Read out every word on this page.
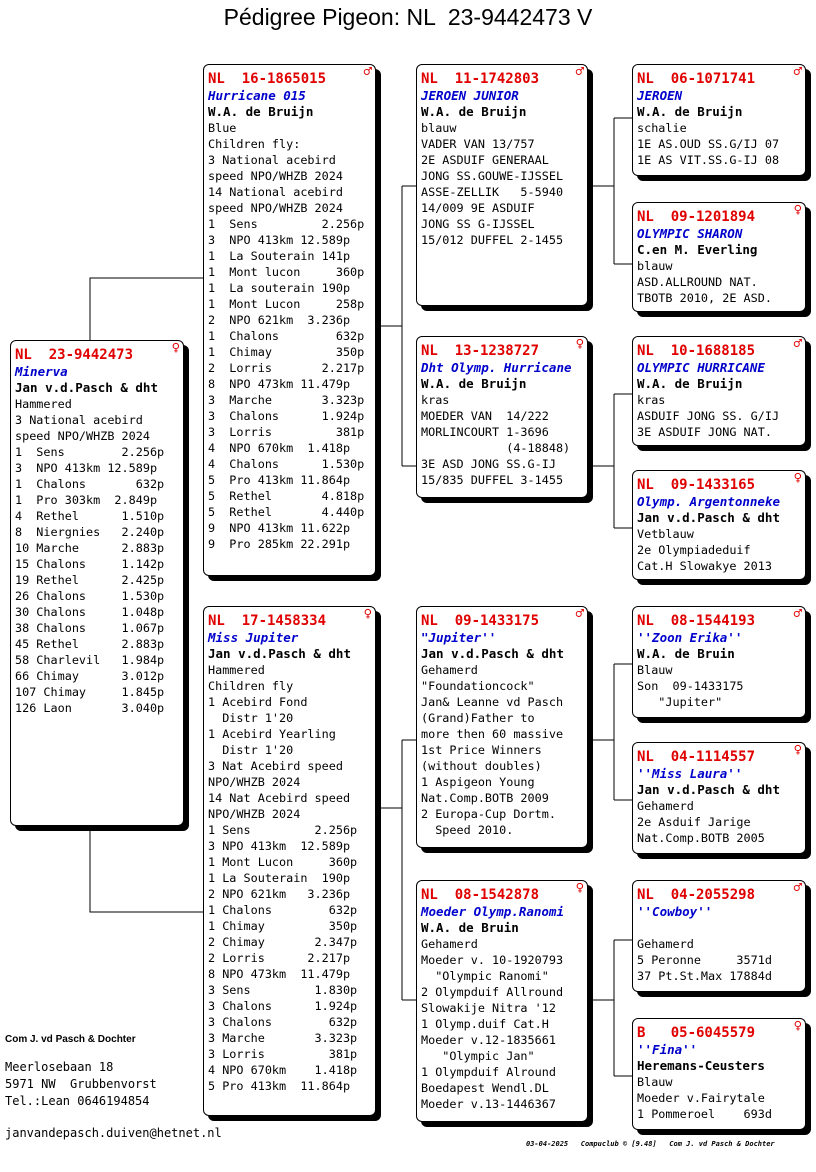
Pédigree Pigeon: NL  23-9442473 V
NL  23-9442473	♀
Minerva
Jan v.d.Pasch & dht
Hammered
3 National acebird
speed NPO/WHZB 2024
1  Sens        2.256p
3  NPO 413km 12.589p
1  Chalons       632p
1  Pro 303km  2.849p
4  Rethel      1.510p
8  Niergnies   2.240p
10 Marche      2.883p
15 Chalons     1.142p
19 Rethel      2.425p
26 Chalons     1.530p
30 Chalons     1.048p
38 Chalons     1.067p
45 Rethel      2.883p
58 Charlevil   1.984p
66 Chimay      3.012p
107 Chimay     1.845p
126 Laon       3.040p
NL  16-1865015	♂
Hurricane 015
W.A. de Bruijn
Blue
Children fly:
3 National acebird
speed NPO/WHZB 2024
14 National acebird
speed NPO/WHZB 2024
1  Sens         2.256p
3  NPO 413km 12.589p
1  La Souterain 141p
1  Mont lucon     360p
1  La souterain 190p
1  Mont Lucon     258p
2  NPO 621km  3.236p
1  Chalons        632p
1  Chimay         350p
2  Lorris       2.217p
8  NPO 473km 11.479p
3  Marche       3.323p
3  Chalons      1.924p
3  Lorris         381p
4  NPO 670km  1.418p
4  Chalons      1.530p
5  Pro 413km 11.864p
5  Rethel       4.818p
5  Rethel       4.440p
9  NPO 413km 11.622p
9  Pro 285km 22.291p
NL  17-1458334	♀
Miss Jupiter
Jan v.d.Pasch & dht
Hammered
Children fly
1 Acebird Fond
Distr 1'20
1 Acebird Yearling
Distr 1'20
3 Nat Acebird speed
NPO/WHZB 2024
14 Nat Acebird speed
NPO/WHZB 2024
1 Sens         2.256p
3 NPO 413km  12.589p
1 Mont Lucon     360p
1 La Souterain  190p
2 NPO 621km   3.236p
1 Chalons        632p
1 Chimay         350p
2 Chimay       2.347p
2 Lorris      2.217p
8 NPO 473km  11.479p
3 Sens         1.830p
3 Chalons      1.924p
3 Chalons        632p
3 Marche       3.323p
3 Lorris         381p
4 NPO 670km    1.418p
5 Pro 413km  11.864p
NL  11-1742803	♂
JEROEN JUNIOR
W.A. de Bruijn
blauw
VADER VAN 13/757
2E ASDUIF GENERAAL
JONG SS.GOUWE-IJSSEL
ASSE-ZELLIK   5-5940
14/009 9E ASDUIF
JONG SS G-IJSSEL
15/012 DUFFEL 2-1455
NL  13-1238727	♀
Dht Olymp. Hurricane
W.A. de Bruijn
kras
MOEDER VAN  14/222
MORLINCOURT 1-3696
(4-18848)
3E ASD JONG SS.G-IJ
15/835 DUFFEL 3-1455
NL  09-1433175	♂
"Jupiter''
Jan v.d.Pasch & dht
Gehamerd
"Foundationcock"
Jan& Leanne vd Pasch
(Grand)Father to
more then 60 massive
1st Price Winners
(without doubles)
1 Aspigeon Young
Nat.Comp.BOTB 2009
2 Europa-Cup Dortm.
Speed 2010.
NL  08-1542878	♀
Moeder Olymp.Ranomi
W.A. de Bruin
Gehamerd
Moeder v. 10-1920793
"Olympic Ranomi"
2 Olympduif Allround
Slowakije Nitra '12
1 Olymp.duif Cat.H
Moeder v.12-1835661
"Olympic Jan"
1 Olympduif Alround
Boedapest Wendl.DL
Moeder v.13-1446367
NL  06-1071741	♂
JEROEN
W.A. de Bruijn
schalie
1E AS.OUD SS.G/IJ 07
1E AS VIT.SS.G-IJ 08
NL  09-1201894	♀
OLYMPIC SHARON
C.en M. Everling
blauw
ASD.ALLROUND NAT.
TBOTB 2010, 2E ASD.
NL  10-1688185	♂
OLYMPIC HURRICANE
W.A. de Bruijn
kras
ASDUIF JONG SS. G/IJ
3E ASDUIF JONG NAT.
NL  09-1433165	♀
Olymp. Argentonneke
Jan v.d.Pasch & dht
Vetblauw
2e Olympiadeduif
Cat.H Slowakye 2013
NL  08-1544193	♂
''Zoon Erika''
W.A. de Bruin
Blauw
Son  09-1433175
"Jupiter"
NL  04-1114557	♀
''Miss Laura''
Jan v.d.Pasch & dht
Gehamerd
2e Asduif Jarige
Nat.Comp.BOTB 2005
NL  04-2055298	♂
''Cowboy''
Gehamerd
5 Peronne     3571d
37 Pt.St.Max 17884d
B   05-6045579	♀
''Fina''
Heremans-Ceusters
Blauw
Moeder v.Fairytale
1 Pommeroel    693d
Com J. vd Pasch & Dochter
Meerlosebaan 18
5971 NW  Grubbenvorst
Tel.:Lean 0646194854
janvandepasch.duiven@hetnet.nl
03-04-2025   Compuclub © [9.48]   Com J. vd Pasch & Dochter
